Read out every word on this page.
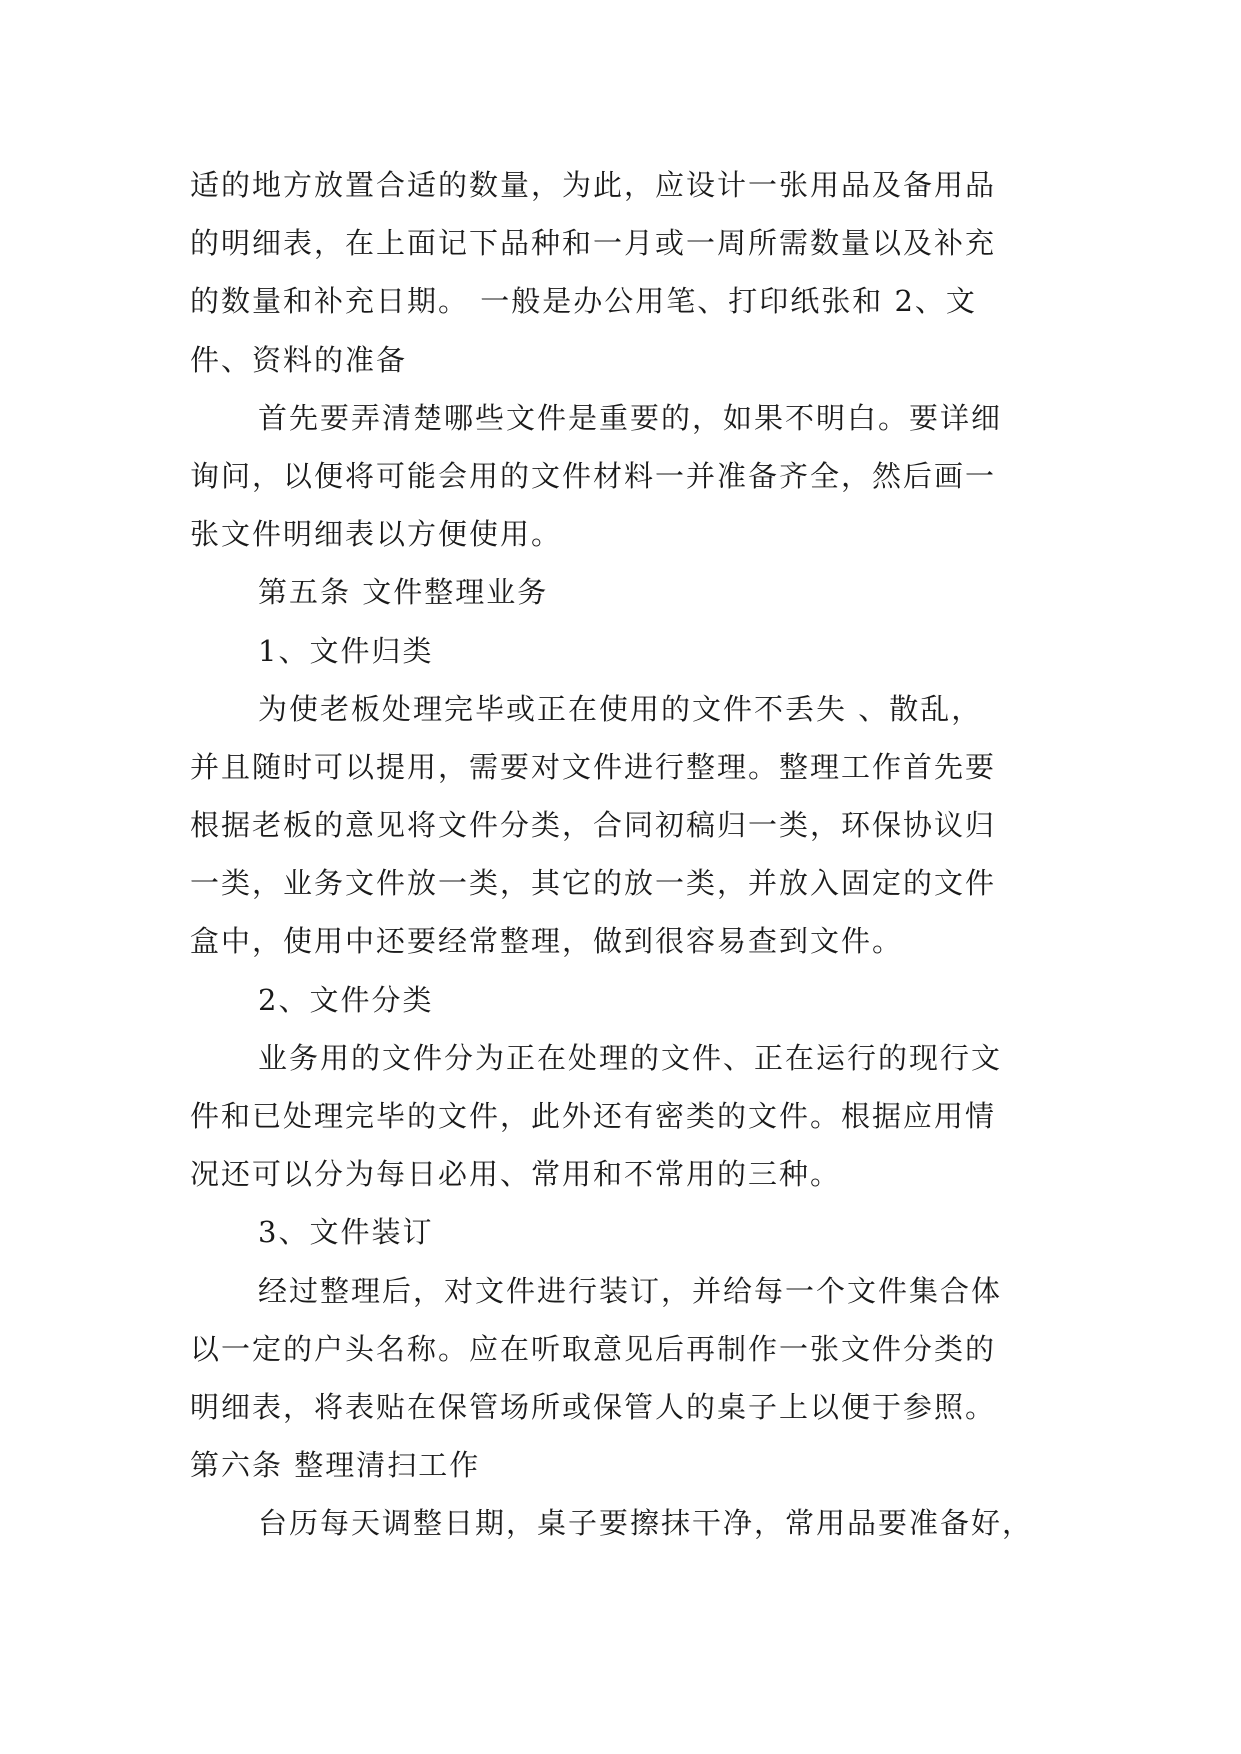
适的地方放置合适的数量，为此，应设计一张用品及备用品
的明细表，在上面记下品种和一月或一周所需数量以及补充
的数量和补充日期。 一般是办公用笔、打印纸张和 2、文
件、资料的准备
首先要弄清楚哪些文件是重要的，如果不明白。要详细
询问，以便将可能会用的文件材料一并准备齐全，然后画一
张文件明细表以方便使用。
第五条 文件整理业务
1、文件归类
为使老板处理完毕或正在使用的文件不丢失 、散乱，
并且随时可以提用，需要对文件进行整理。整理工作首先要
根据老板的意见将文件分类，合同初稿归一类，环保协议归
一类，业务文件放一类，其它的放一类，并放入固定的文件
盒中，使用中还要经常整理，做到很容易查到文件。
2、文件分类
业务用的文件分为正在处理的文件、正在运行的现行文
件和已处理完毕的文件，此外还有密类的文件。根据应用情
况还可以分为每日必用、常用和不常用的三种。
3、文件装订
经过整理后，对文件进行装订，并给每一个文件集合体
以一定的户头名称。应在听取意见后再制作一张文件分类的
明细表，将表贴在保管场所或保管人的桌子上以便于参照。
第六条 整理清扫工作
台历每天调整日期，桌子要擦抹干净，常用品要准备好，
